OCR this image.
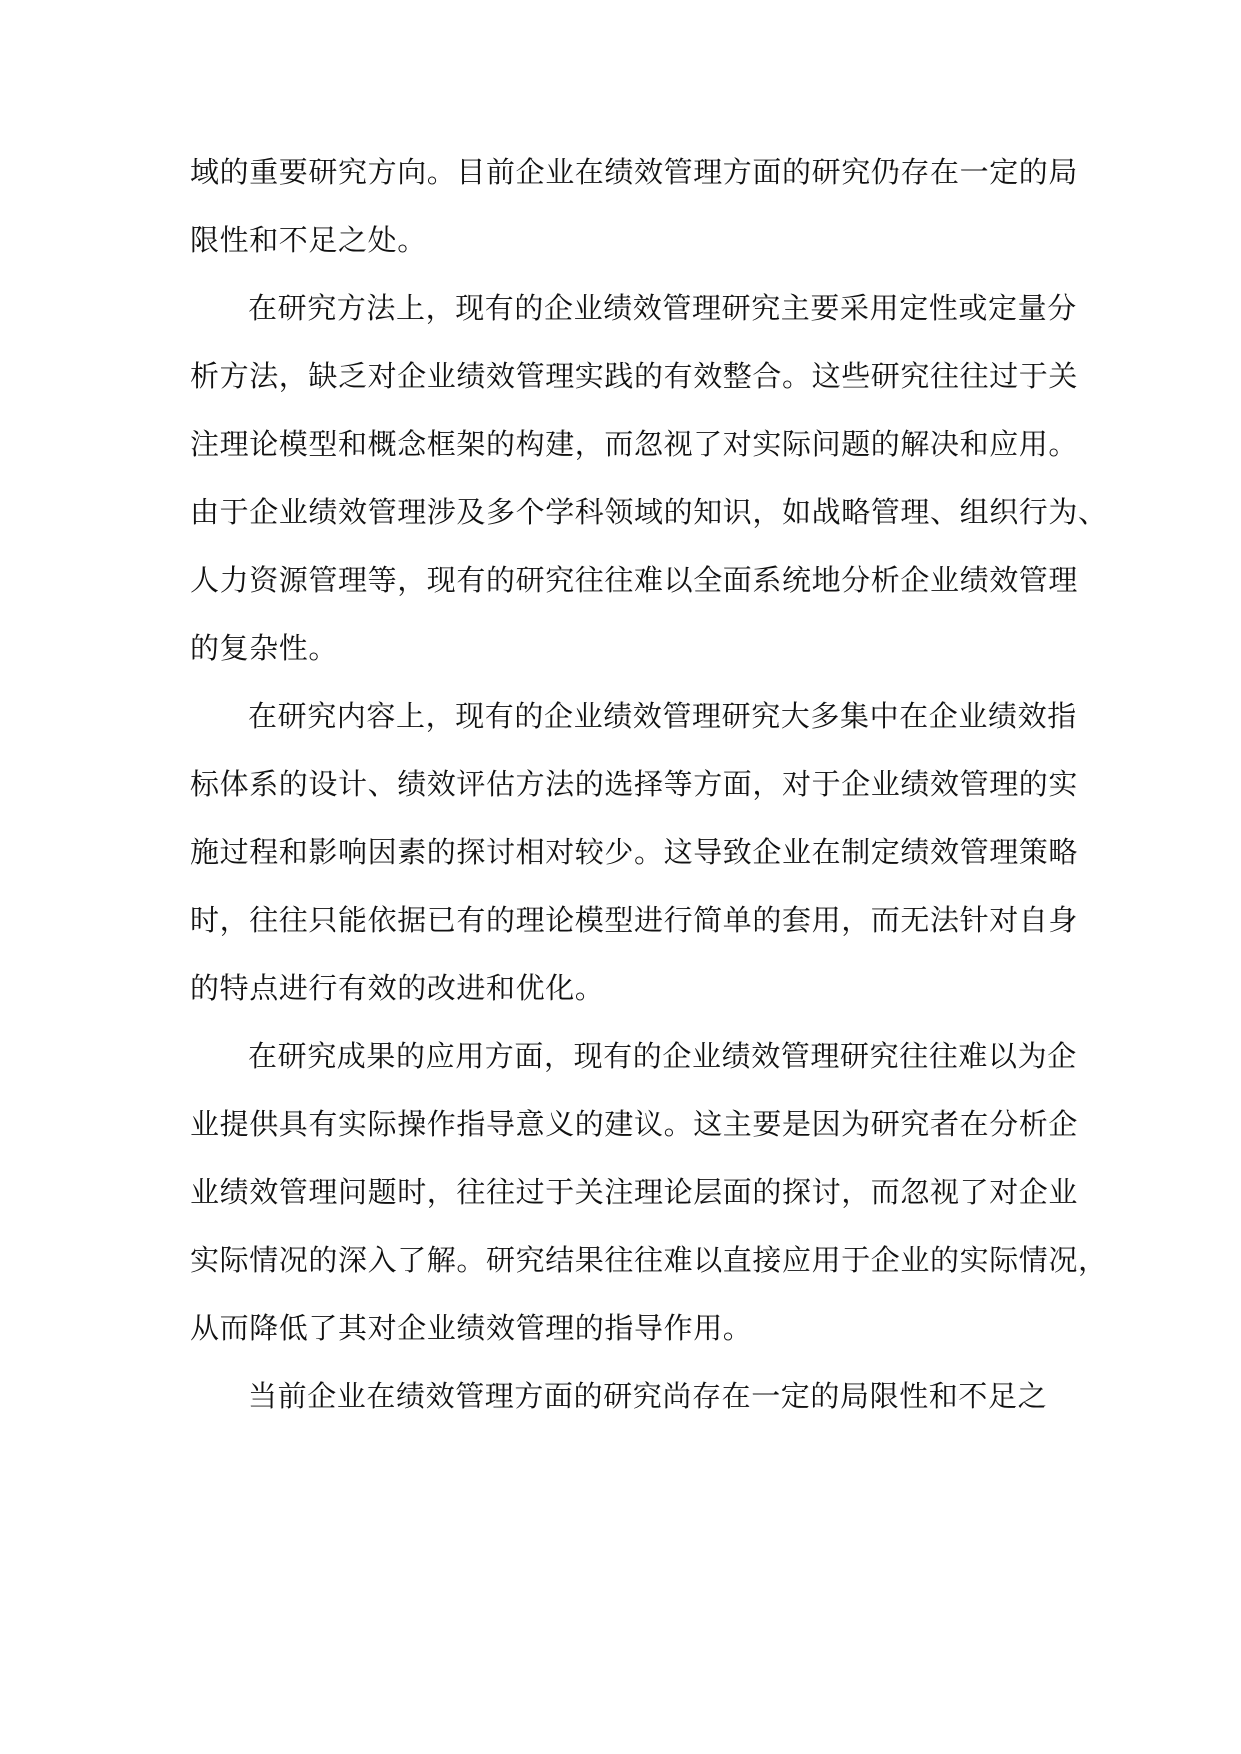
域的重要研究方向。目前企业在绩效管理方面的研究仍存在一定的局
限性和不足之处。
在研究方法上，现有的企业绩效管理研究主要采用定性或定量分
析方法，缺乏对企业绩效管理实践的有效整合。这些研究往往过于关
注理论模型和概念框架的构建，而忽视了对实际问题的解决和应用。
由于企业绩效管理涉及多个学科领域的知识，如战略管理、组织行为、
人力资源管理等，现有的研究往往难以全面系统地分析企业绩效管理
的复杂性。
在研究内容上，现有的企业绩效管理研究大多集中在企业绩效指
标体系的设计、绩效评估方法的选择等方面，对于企业绩效管理的实
施过程和影响因素的探讨相对较少。这导致企业在制定绩效管理策略
时，往往只能依据已有的理论模型进行简单的套用，而无法针对自身
的特点进行有效的改进和优化。
在研究成果的应用方面，现有的企业绩效管理研究往往难以为企
业提供具有实际操作指导意义的建议。这主要是因为研究者在分析企
业绩效管理问题时，往往过于关注理论层面的探讨，而忽视了对企业
实际情况的深入了解。研究结果往往难以直接应用于企业的实际情况，
从而降低了其对企业绩效管理的指导作用。
当前企业在绩效管理方面的研究尚存在一定的局限性和不足之
